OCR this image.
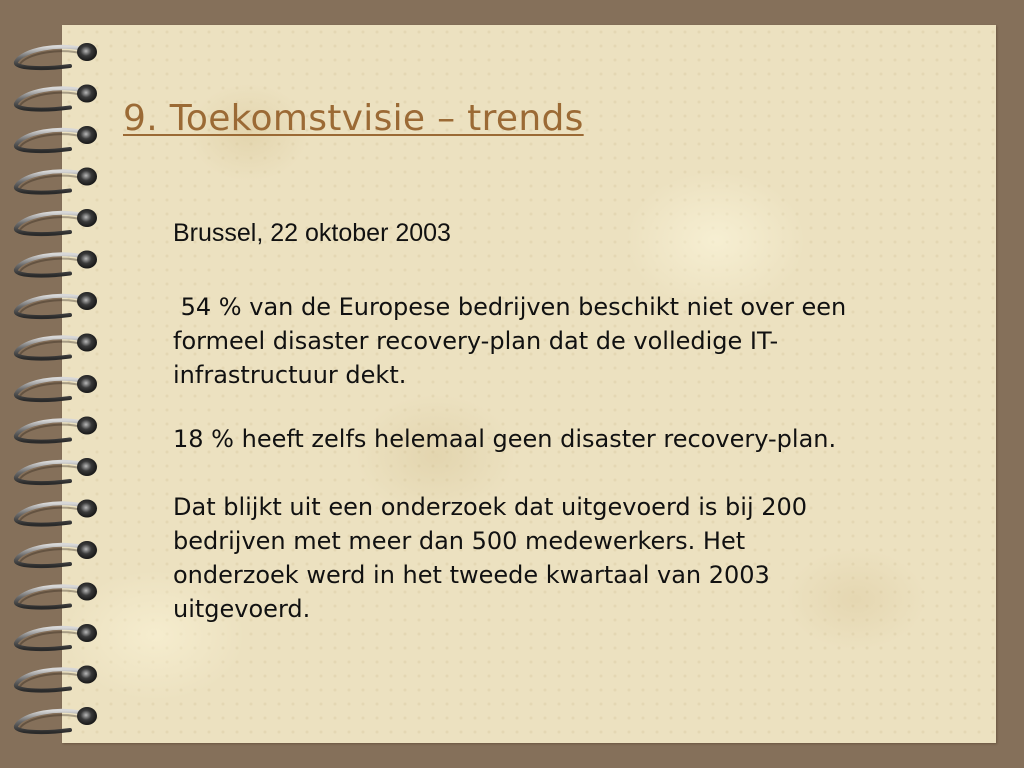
9. Toekomstvisie – trends

Brussel, 22 oktober 2003

54 % van de Europese bedrijven beschikt niet over een formeel disaster recovery-plan dat de volledige IT-infrastructuur dekt.

18 % heeft zelfs helemaal geen disaster recovery-plan.

Dat blijkt uit een onderzoek dat uitgevoerd is bij 200 bedrijven met meer dan 500 medewerkers. Het onderzoek werd in het tweede kwartaal van 2003 uitgevoerd.
